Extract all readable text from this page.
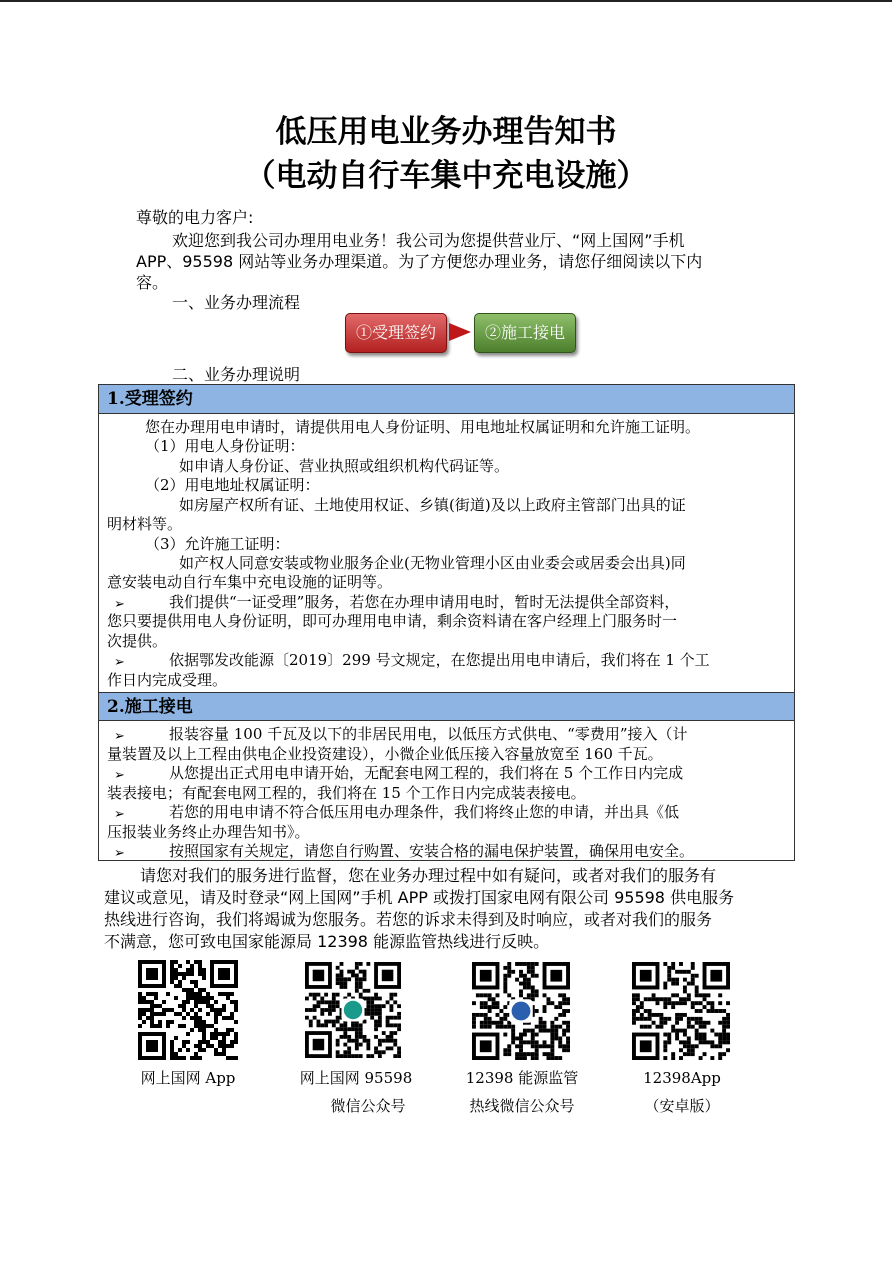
低压用电业务办理告知书
（电动自行车集中充电设施）
尊敬的电力客户:
欢迎您到我公司办理用电业务！我公司为您提供营业厅、“网上国网”手机
APP、95598 网站等业务办理渠道。为了方便您办理业务，请您仔细阅读以下内
容。
一、业务办理流程
①受理签约	②施工接电
二、业务办理说明
1.受理签约
您在办理用电申请时，请提供用电人身份证明、用电地址权属证明和允许施工证明。
（1）用电人身份证明：
如申请人身份证、营业执照或组织机构代码证等。
（2）用电地址权属证明：
如房屋产权所有证、土地使用权证、乡镇(街道)及以上政府主管部门出具的证
明材料等。
（3）允许施工证明：
如产权人同意安装或物业服务企业(无物业管理小区由业委会或居委会出具)同
意安装电动自行车集中充电设施的证明等。
➢	我们提供“一证受理”服务，若您在办理申请用电时，暂时无法提供全部资料，
您只要提供用电人身份证明，即可办理用电申请，剩余资料请在客户经理上门服务时一
次提供。
➢	依据鄂发改能源〔2019〕299 号文规定，在您提出用电申请后，我们将在 1 个工
作日内完成受理。
2.施工接电
➢	报装容量 100 千瓦及以下的非居民用电，以低压方式供电、“零费用”接入（计
量装置及以上工程由供电企业投资建设），小微企业低压接入容量放宽至 160 千瓦。
➢	从您提出正式用电申请开始，无配套电网工程的，我们将在 5 个工作日内完成
装表接电；有配套电网工程的，我们将在 15 个工作日内完成装表接电。
➢	若您的用电申请不符合低压用电办理条件，我们将终止您的申请，并出具《低
压报装业务终止办理告知书》。
➢	按照国家有关规定，请您自行购置、安装合格的漏电保护装置，确保用电安全。
请您对我们的服务进行监督，您在业务办理过程中如有疑问，或者对我们的服务有
建议或意见，请及时登录“网上国网”手机 APP 或拨打国家电网有限公司 95598 供电服务
热线进行咨询，我们将竭诚为您服务。若您的诉求未得到及时响应，或者对我们的服务
不满意，您可致电国家能源局 12398 能源监管热线进行反映。
网上国网 App	网上国网 95598
微信公众号
12398 能源监管
热线微信公众号
12398App
（安卓版）
